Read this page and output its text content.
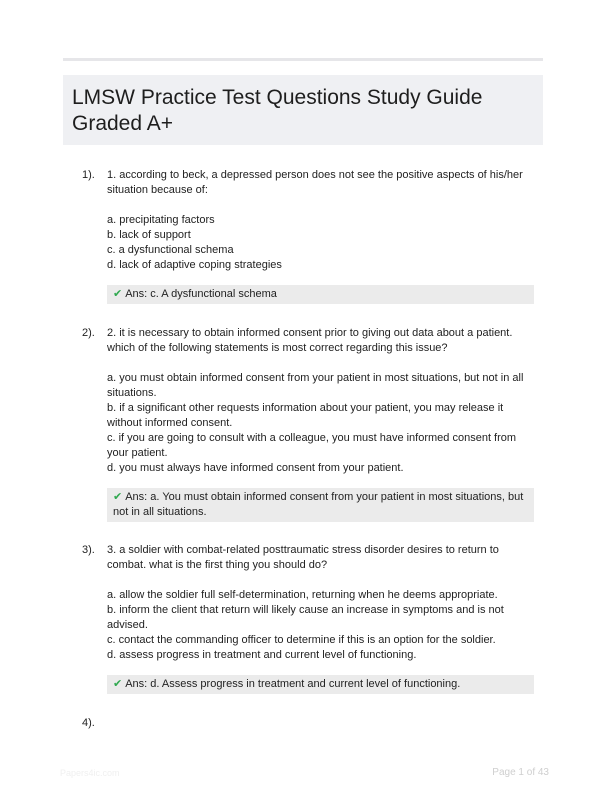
LMSW Practice Test Questions Study Guide
Graded A+
1). 1. according to beck, a depressed person does not see the positive aspects of his/her situation because of:

a. precipitating factors
b. lack of support
c. a dysfunctional schema
d. lack of adaptive coping strategies
✔ Ans: c. A dysfunctional schema
2). 2. it is necessary to obtain informed consent prior to giving out data about a patient. which of the following statements is most correct regarding this issue?

a. you must obtain informed consent from your patient in most situations, but not in all situations.
b. if a significant other requests information about your patient, you may release it without informed consent.
c. if you are going to consult with a colleague, you must have informed consent from your patient.
d. you must always have informed consent from your patient.
✔ Ans: a. You must obtain informed consent from your patient in most situations, but not in all situations.
3). 3. a soldier with combat-related posttraumatic stress disorder desires to return to combat. what is the first thing you should do?

a. allow the soldier full self-determination, returning when he deems appropriate.
b. inform the client that return will likely cause an increase in symptoms and is not advised.
c. contact the commanding officer to determine if this is an option for the soldier.
d. assess progress in treatment and current level of functioning.
✔ Ans: d. Assess progress in treatment and current level of functioning.
4).
Papers4ic.com	Page 1 of 43
